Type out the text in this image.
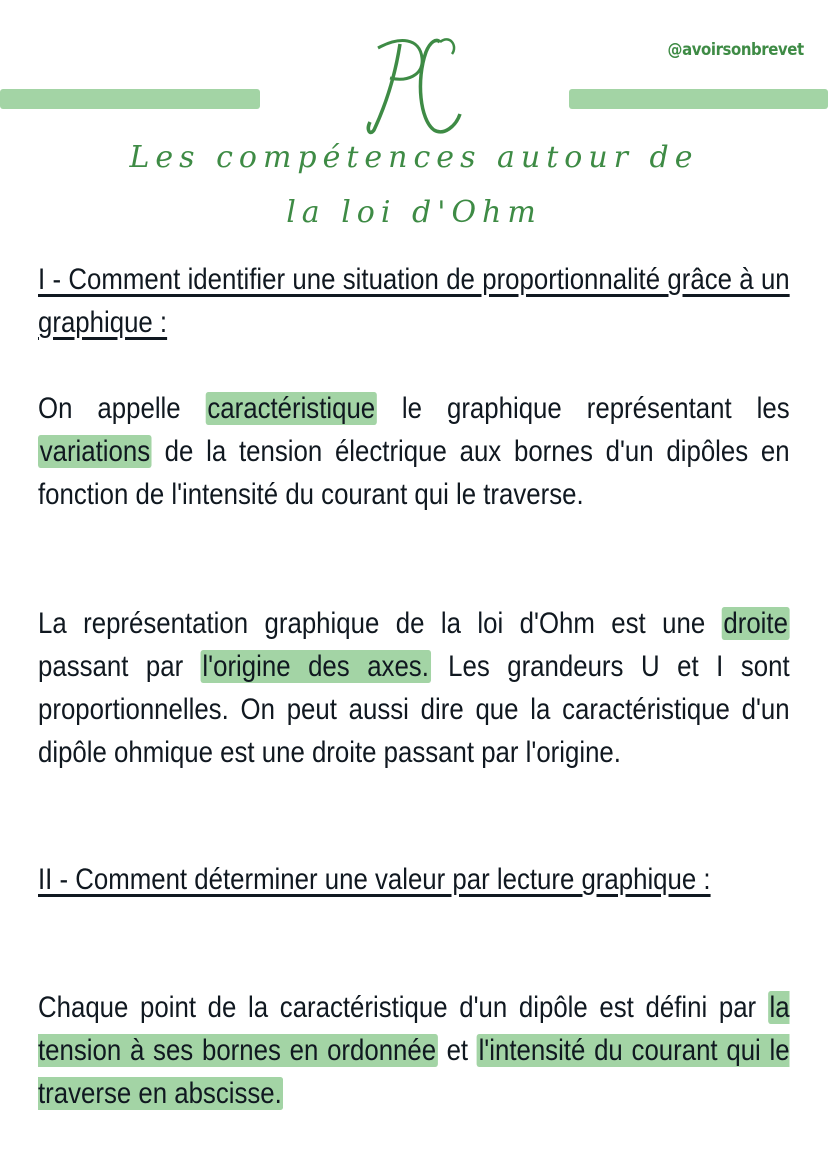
@avoirsonbrevet
Les compétences autour de
la loi d'Ohm
I - Comment identifier une situation de proportionnalité grâce à un graphique :
On appelle caractéristique le graphique représentant les variations de la tension électrique aux bornes d'un dipôles en fonction de l'intensité du courant qui le traverse.
La représentation graphique de la loi d'Ohm est une droite passant par l'origine des axes. Les grandeurs U et I sont proportionnelles. On peut aussi dire que la caractéristique d'un dipôle ohmique est une droite passant par l'origine.
II - Comment déterminer une valeur par lecture graphique :
Chaque point de la caractéristique d'un dipôle est défini par la tension à ses bornes en ordonnée et l'intensité du courant qui le traverse en abscisse.
